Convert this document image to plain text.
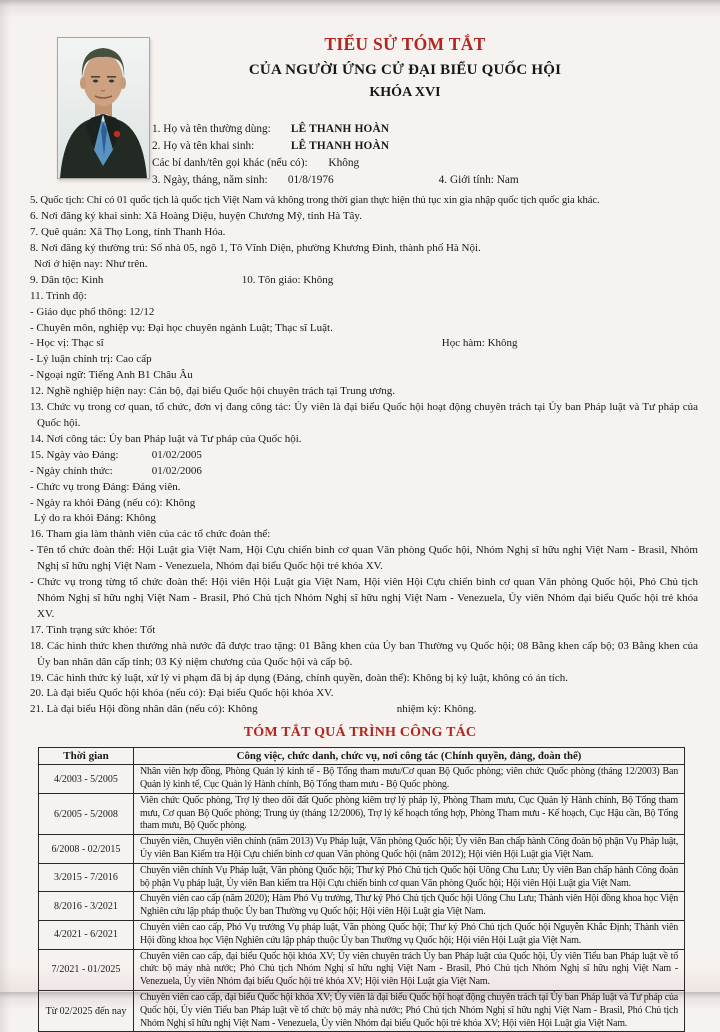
TIỂU SỬ TÓM TẮT
CỦA NGƯỜI ỨNG CỬ ĐẠI BIỂU QUỐC HỘI
KHÓA XVI
1. Họ và tên thường dùng: LÊ THANH HOÀN
2. Họ và tên khai sinh:	LÊ THANH HOÀN
Các bí danh/tên gọi khác (nếu có): Không
3. Ngày, tháng, năm sinh: 01/8/1976	4. Giới tính: Nam
5. Quốc tịch: Chỉ có 01 quốc tịch là quốc tịch Việt Nam và không trong thời gian thực hiện thủ tục xin gia nhập quốc tịch quốc gia khác.
6. Nơi đăng ký khai sinh: Xã Hoàng Diệu, huyện Chương Mỹ, tỉnh Hà Tây.
7. Quê quán: Xã Thọ Long, tỉnh Thanh Hóa.
8. Nơi đăng ký thường trú: Số nhà 05, ngõ 1, Tô Vĩnh Diện, phường Khương Đình, thành phố Hà Nội.
Nơi ở hiện nay: Như trên.
9. Dân tộc: Kinh	10. Tôn giáo: Không
11. Trình độ:
- Giáo dục phổ thông: 12/12
- Chuyên môn, nghiệp vụ: Đại học chuyên ngành Luật; Thạc sĩ Luật.
- Học vị: Thạc sĩ	Học hàm: Không
- Lý luận chính trị: Cao cấp
- Ngoại ngữ: Tiếng Anh B1 Châu Âu
12. Nghề nghiệp hiện nay: Cán bộ, đại biểu Quốc hội chuyên trách tại Trung ương.
13. Chức vụ trong cơ quan, tổ chức, đơn vị đang công tác: Ủy viên là đại biểu Quốc hội hoạt động chuyên trách tại Ủy ban Pháp luật và Tư pháp của Quốc hội.
14. Nơi công tác: Ủy ban Pháp luật và Tư pháp của Quốc hội.
15. Ngày vào Đảng:	01/02/2005
- Ngày chính thức:	01/02/2006
- Chức vụ trong Đảng: Đảng viên.
- Ngày ra khỏi Đảng (nếu có): Không
Lý do ra khỏi Đảng: Không
16. Tham gia làm thành viên của các tổ chức đoàn thể:
- Tên tổ chức đoàn thể: Hội Luật gia Việt Nam, Hội Cựu chiến binh cơ quan Văn phòng Quốc hội, Nhóm Nghị sĩ hữu nghị Việt Nam - Brasil, Nhóm Nghị sĩ hữu nghị Việt Nam - Venezuela, Nhóm đại biểu Quốc hội trẻ khóa XV.
- Chức vụ trong từng tổ chức đoàn thể: Hội viên Hội Luật gia Việt Nam, Hội viên Hội Cựu chiến binh cơ quan Văn phòng Quốc hội, Phó Chủ tịch Nhóm Nghị sĩ hữu nghị Việt Nam - Brasil, Phó Chủ tịch Nhóm Nghị sĩ hữu nghị Việt Nam - Venezuela, Ủy viên Nhóm đại biểu Quốc hội trẻ khóa XV.
17. Tình trạng sức khỏe: Tốt
18. Các hình thức khen thưởng nhà nước đã được trao tặng: 01 Bằng khen của Ủy ban Thường vụ Quốc hội; 08 Bằng khen cấp bộ; 03 Bằng khen của Ủy ban nhân dân cấp tỉnh; 03 Kỷ niệm chương của Quốc hội và cấp bộ.
19. Các hình thức kỷ luật, xử lý vi phạm đã bị áp dụng (Đảng, chính quyền, đoàn thể): Không bị kỷ luật, không có án tích.
20. Là đại biểu Quốc hội khóa (nếu có): Đại biểu Quốc hội khóa XV.
21. Là đại biểu Hội đồng nhân dân (nếu có): Không	nhiệm kỳ: Không.
TÓM TẮT QUÁ TRÌNH CÔNG TÁC
Thời gian	Công việc, chức danh, chức vụ, nơi công tác (Chính quyền, đảng, đoàn thể)
4/2003 - 5/2005	Nhân viên hợp đồng, Phòng Quản lý kinh tế - Bộ Tổng tham mưu/Cơ quan Bộ Quốc phòng; viên chức Quốc phòng (tháng 12/2003) Ban Quản lý kinh tế, Cục Quản lý Hành chính, Bộ Tổng tham mưu - Bộ Quốc phòng.
6/2005 - 5/2008	Viên chức Quốc phòng, Trợ lý theo dõi đất Quốc phòng kiêm trợ lý pháp lý, Phòng Tham mưu, Cục Quản lý Hành chính, Bộ Tổng tham mưu, Cơ quan Bộ Quốc phòng; Trung úy (tháng 12/2006), Trợ lý kế hoạch tổng hợp, Phòng Tham mưu - Kế hoạch, Cục Hậu cần, Bộ Tổng tham mưu, Bộ Quốc phòng.
6/2008 - 02/2015	Chuyên viên, Chuyên viên chính (năm 2013) Vụ Pháp luật, Văn phòng Quốc hội; Ủy viên Ban chấp hành Công đoàn bộ phận Vụ Pháp luật, Ủy viên Ban Kiểm tra Hội Cựu chiến binh cơ quan Văn phòng Quốc hội (năm 2012); Hội viên Hội Luật gia Việt Nam.
3/2015 - 7/2016	Chuyên viên chính Vụ Pháp luật, Văn phòng Quốc hội; Thư ký Phó Chủ tịch Quốc hội Uông Chu Lưu; Ủy viên Ban chấp hành Công đoàn bộ phận Vụ pháp luật, Ủy viên Ban kiểm tra Hội Cựu chiến binh cơ quan Văn phòng Quốc hội; Hội viên Hội Luật gia Việt Nam.
8/2016 - 3/2021	Chuyên viên cao cấp (năm 2020); Hàm Phó Vụ trưởng, Thư ký Phó Chủ tịch Quốc hội Uông Chu Lưu; Thành viên Hội đồng khoa học Viện Nghiên cứu lập pháp thuộc Ủy ban Thường vụ Quốc hội; Hội viên Hội Luật gia Việt Nam.
4/2021 - 6/2021	Chuyên viên cao cấp, Phó Vụ trưởng Vụ pháp luật, Văn phòng Quốc hội; Thư ký Phó Chủ tịch Quốc hội Nguyễn Khắc Định; Thành viên Hội đồng khoa học Viện Nghiên cứu lập pháp thuộc Ủy ban Thường vụ Quốc hội; Hội viên Hội Luật gia Việt Nam.
7/2021 - 01/2025	Chuyên viên cao cấp, đại biểu Quốc hội khóa XV; Ủy viên chuyên trách Ủy ban Pháp luật của Quốc hội, Ủy viên Tiểu ban Pháp luật về tổ chức bộ máy nhà nước; Phó Chủ tịch Nhóm Nghị sĩ hữu nghị Việt Nam - Brasil, Phó Chủ tịch Nhóm Nghị sĩ hữu nghị Việt Nam - Venezuela, Ủy viên Nhóm đại biểu Quốc hội trẻ khóa XV; Hội viên Hội Luật gia Việt Nam.
Từ 02/2025 đến nay	Chuyên viên cao cấp, đại biểu Quốc hội khóa XV; Ủy viên là đại biểu Quốc hội hoạt động chuyên trách tại Ủy ban Pháp luật và Tư pháp của Quốc hội, Ủy viên Tiểu ban Pháp luật về tổ chức bộ máy nhà nước; Phó Chủ tịch Nhóm Nghị sĩ hữu nghị Việt Nam - Brasil, Phó Chủ tịch Nhóm Nghị sĩ hữu nghị Việt Nam - Venezuela, Ủy viên Nhóm đại biểu Quốc hội trẻ khóa XV; Hội viên Hội Luật gia Việt Nam.
